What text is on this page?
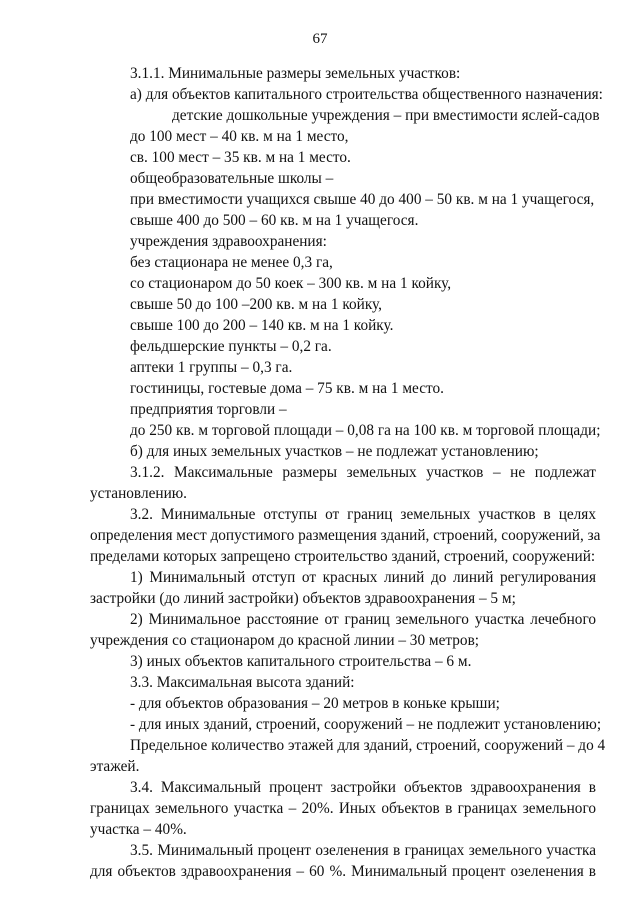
67
3.1.1. Минимальные размеры земельных участков:
а) для объектов капитального строительства общественного назначения:
детские дошкольные учреждения – при вместимости яслей-садов
до 100 мест – 40 кв. м на 1 место,
св. 100 мест – 35 кв. м на 1 место.
общеобразовательные школы –
при вместимости учащихся свыше 40 до 400 – 50 кв. м на 1 учащегося,
свыше 400 до 500 – 60 кв. м на 1 учащегося.
учреждения здравоохранения:
без стационара не менее 0,3 га,
со стационаром до 50 коек – 300 кв. м на 1 койку,
свыше 50 до 100 –200 кв. м на 1 койку,
свыше 100 до 200 – 140 кв. м на 1 койку.
фельдшерские пункты – 0,2 га.
аптеки 1 группы – 0,3 га.
гостиницы, гостевые дома – 75 кв. м на 1 место.
предприятия торговли –
до 250 кв. м торговой площади – 0,08 га на 100 кв. м торговой площади;
б) для иных земельных участков – не подлежат установлению;
3.1.2. Максимальные размеры земельных участков – не подлежат
установлению.
3.2. Минимальные отступы от границ земельных участков в целях
определения мест допустимого размещения зданий, строений, сооружений, за
пределами которых запрещено строительство зданий, строений, сооружений:
1) Минимальный отступ от красных линий до линий регулирования
застройки (до линий застройки) объектов здравоохранения – 5 м;
2) Минимальное расстояние от границ земельного участка лечебного
учреждения со стационаром до красной линии – 30 метров;
3) иных объектов капитального строительства – 6 м.
3.3. Максимальная высота зданий:
- для объектов образования – 20 метров в коньке крыши;
- для иных зданий, строений, сооружений – не подлежит установлению;
Предельное количество этажей для зданий, строений, сооружений – до 4
этажей.
3.4. Максимальный процент застройки объектов здравоохранения в
границах земельного участка – 20%. Иных объектов в границах земельного
участка – 40%.
3.5. Минимальный процент озеленения в границах земельного участка
для объектов здравоохранения – 60 %. Минимальный процент озеленения в
